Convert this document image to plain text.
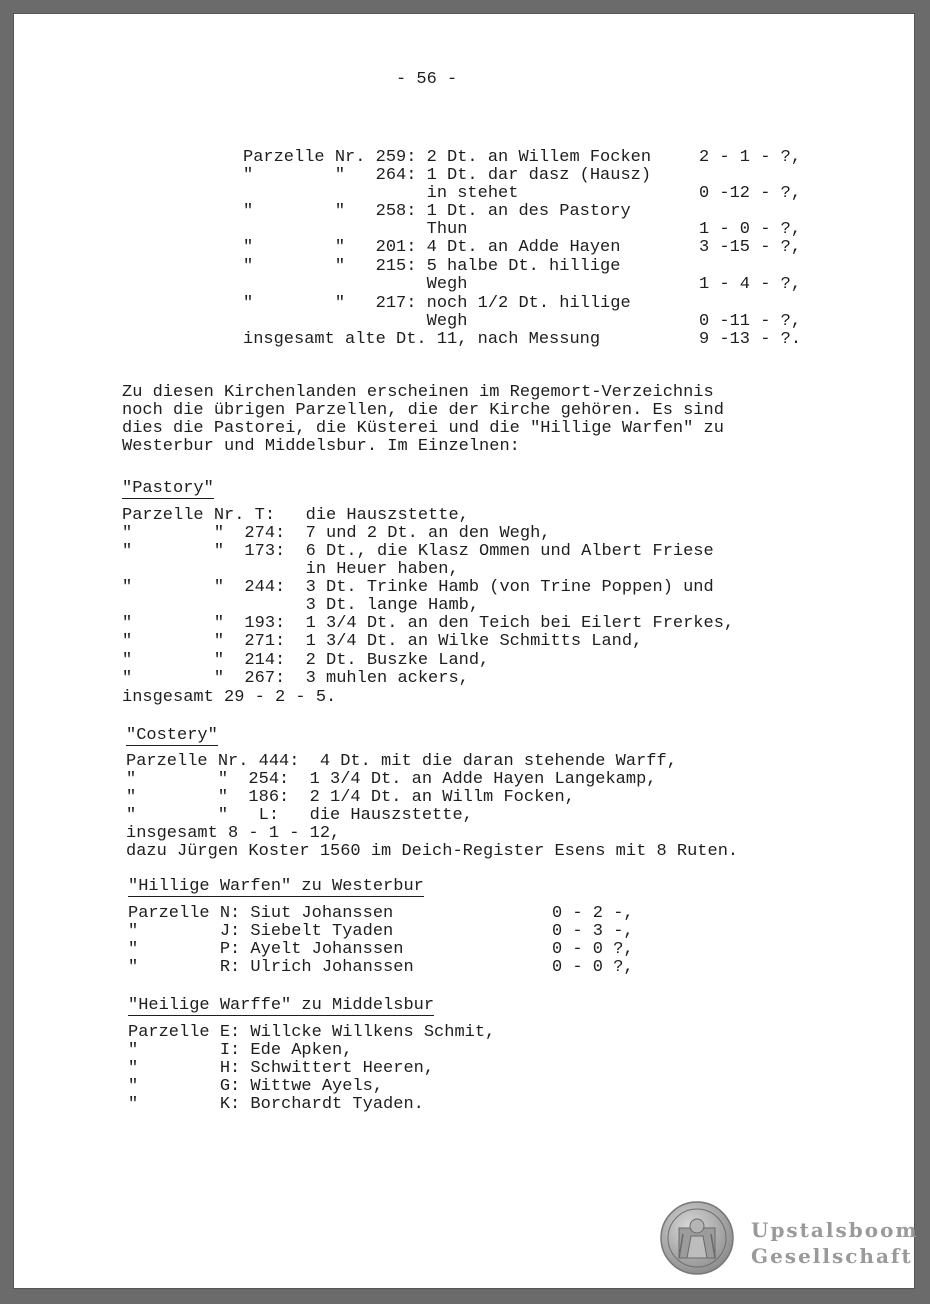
- 56 -
Parzelle Nr. 259: 2 Dt. an Willem Focken	2 - 1 - ?,
"        "   264: 1 Dt. dar dasz (Hausz)
in stehet	0 -12 - ?,
"        "   258: 1 Dt. an des Pastory
Thun	1 - 0 - ?,
"        "   201: 4 Dt. an Adde Hayen	3 -15 - ?,
"        "   215: 5 halbe Dt. hillige
Wegh	1 - 4 - ?,
"        "   217: noch 1/2 Dt. hillige
Wegh	0 -11 - ?,
insgesamt alte Dt. 11, nach Messung	9 -13 - ?.
Zu diesen Kirchenlanden erscheinen im Regemort-Verzeichnis
noch die übrigen Parzellen, die der Kirche gehören. Es sind
dies die Pastorei, die Küsterei und die "Hillige Warfen" zu
Westerbur und Middelsbur. Im Einzelnen:
"Pastory"
Parzelle Nr. T:   die Hauszstette,
"        "  274:  7 und 2 Dt. an den Wegh,
"        "  173:  6 Dt., die Klasz Ommen und Albert Friese
in Heuer haben,
"        "  244:  3 Dt. Trinke Hamb (von Trine Poppen) und
3 Dt. lange Hamb,
"        "  193:  1 3/4 Dt. an den Teich bei Eilert Frerkes,
"        "  271:  1 3/4 Dt. an Wilke Schmitts Land,
"        "  214:  2 Dt. Buszke Land,
"        "  267:  3 muhlen ackers,
insgesamt 29 - 2 - 5.
"Costery"
Parzelle Nr. 444:  4 Dt. mit die daran stehende Warff,
"        "  254:  1 3/4 Dt. an Adde Hayen Langekamp,
"        "  186:  2 1/4 Dt. an Willm Focken,
"        "   L:   die Hauszstette,
insgesamt 8 - 1 - 12,
dazu Jürgen Koster 1560 im Deich-Register Esens mit 8 Ruten.
"Hillige Warfen" zu Westerbur
Parzelle N: Siut Johanssen	0 - 2 -,
"        J: Siebelt Tyaden	0 - 3 -,
"        P: Ayelt Johanssen	0 - 0 ?,
"        R: Ulrich Johanssen	0 - 0 ?,
"Heilige Warffe" zu Middelsbur
Parzelle E: Willcke Willkens Schmit,
"        I: Ede Apken,
"        H: Schwittert Heeren,
"        G: Wittwe Ayels,
"        K: Borchardt Tyaden.
Upstalsboom
Gesellschaft
